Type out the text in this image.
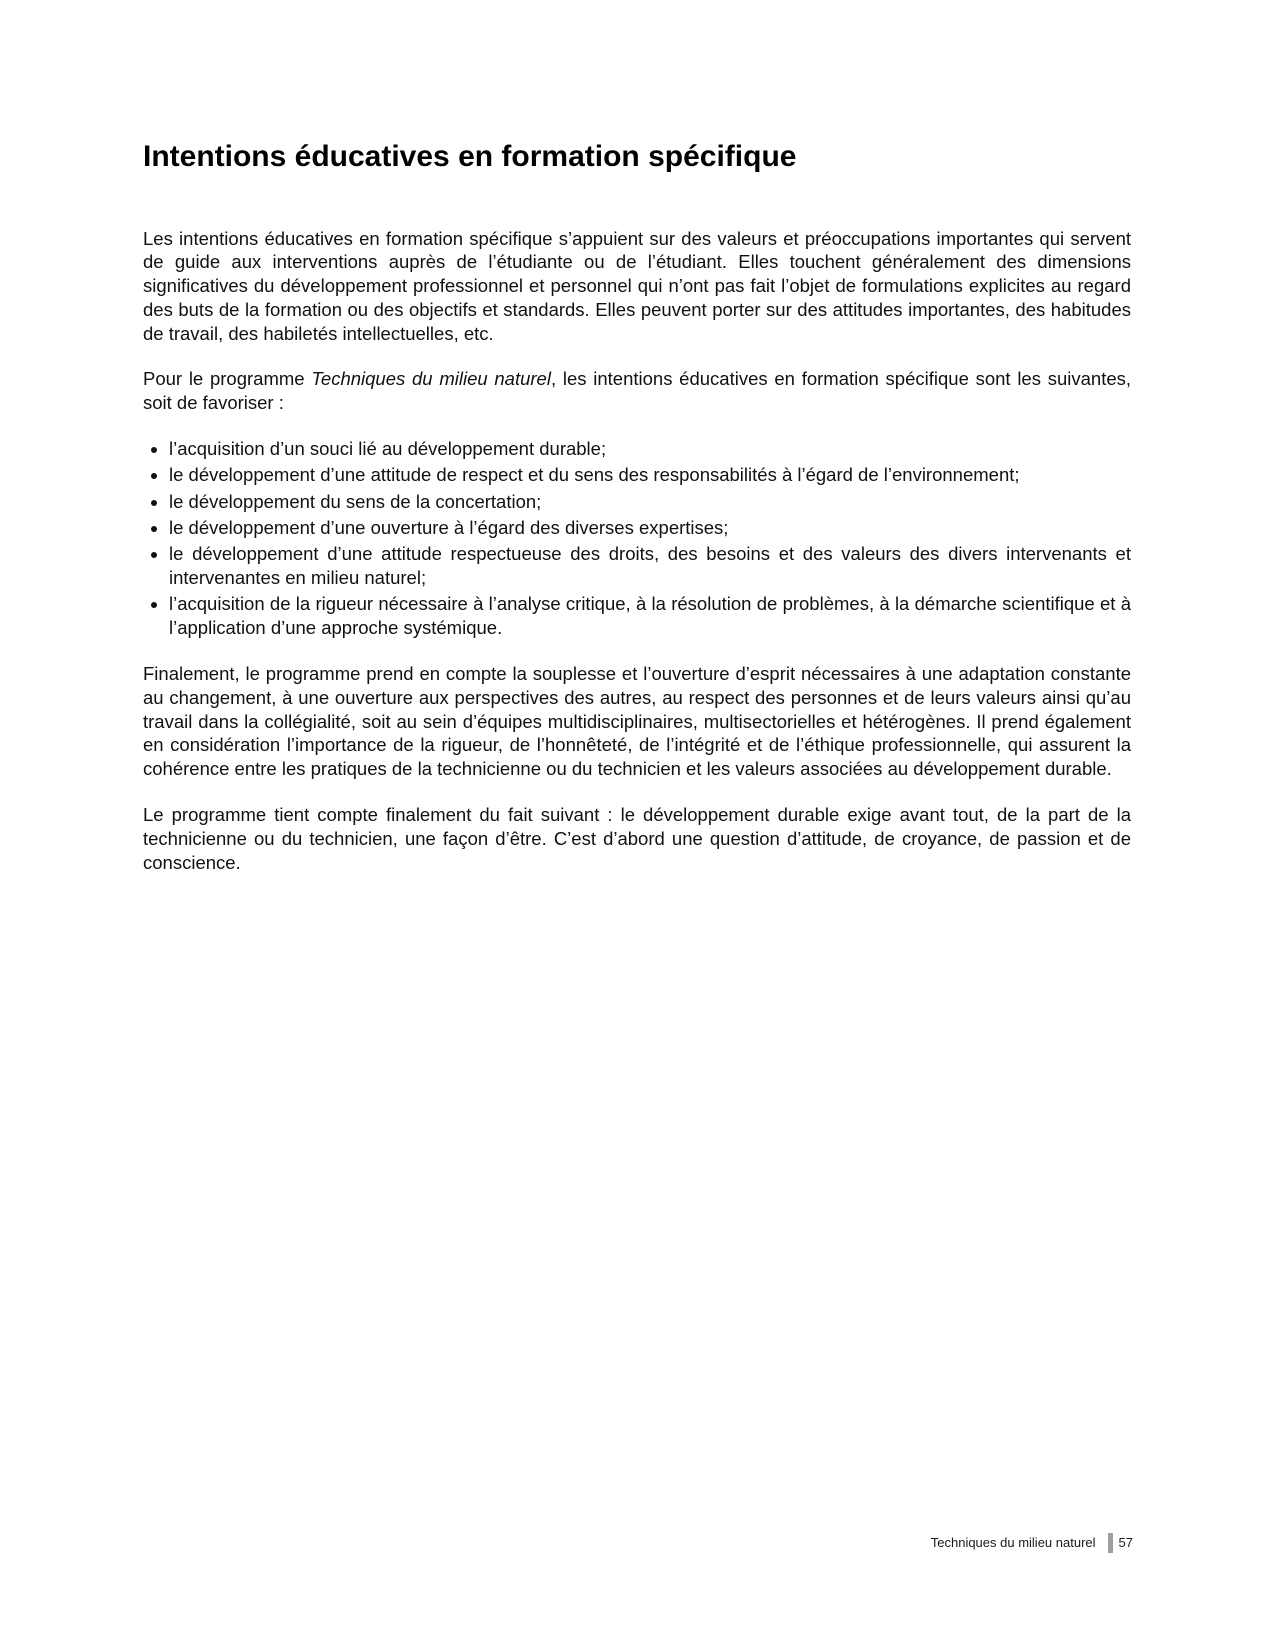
Intentions éducatives en formation spécifique

Les intentions éducatives en formation spécifique s’appuient sur des valeurs et préoccupations importantes qui servent de guide aux interventions auprès de l’étudiante ou de l’étudiant. Elles touchent généralement des dimensions significatives du développement professionnel et personnel qui n’ont pas fait l’objet de formulations explicites au regard des buts de la formation ou des objectifs et standards. Elles peuvent porter sur des attitudes importantes, des habitudes de travail, des habiletés intellectuelles, etc.

Pour le programme Techniques du milieu naturel, les intentions éducatives en formation spécifique sont les suivantes, soit de favoriser :

• l’acquisition d’un souci lié au développement durable;
• le développement d’une attitude de respect et du sens des responsabilités à l’égard de l’environnement;
• le développement du sens de la concertation;
• le développement d’une ouverture à l’égard des diverses expertises;
• le développement d’une attitude respectueuse des droits, des besoins et des valeurs des divers intervenants et intervenantes en milieu naturel;
• l’acquisition de la rigueur nécessaire à l’analyse critique, à la résolution de problèmes, à la démarche scientifique et à l’application d’une approche systémique.

Finalement, le programme prend en compte la souplesse et l’ouverture d’esprit nécessaires à une adaptation constante au changement, à une ouverture aux perspectives des autres, au respect des personnes et de leurs valeurs ainsi qu’au travail dans la collégialité, soit au sein d’équipes multidisciplinaires, multisectorielles et hétérogènes. Il prend également en considération l’importance de la rigueur, de l’honnêteté, de l’intégrité et de l’éthique professionnelle, qui assurent la cohérence entre les pratiques de la technicienne ou du technicien et les valeurs associées au développement durable.

Le programme tient compte finalement du fait suivant : le développement durable exige avant tout, de la part de la technicienne ou du technicien, une façon d’être. C’est d’abord une question d’attitude, de croyance, de passion et de conscience.

Techniques du milieu naturel 57
